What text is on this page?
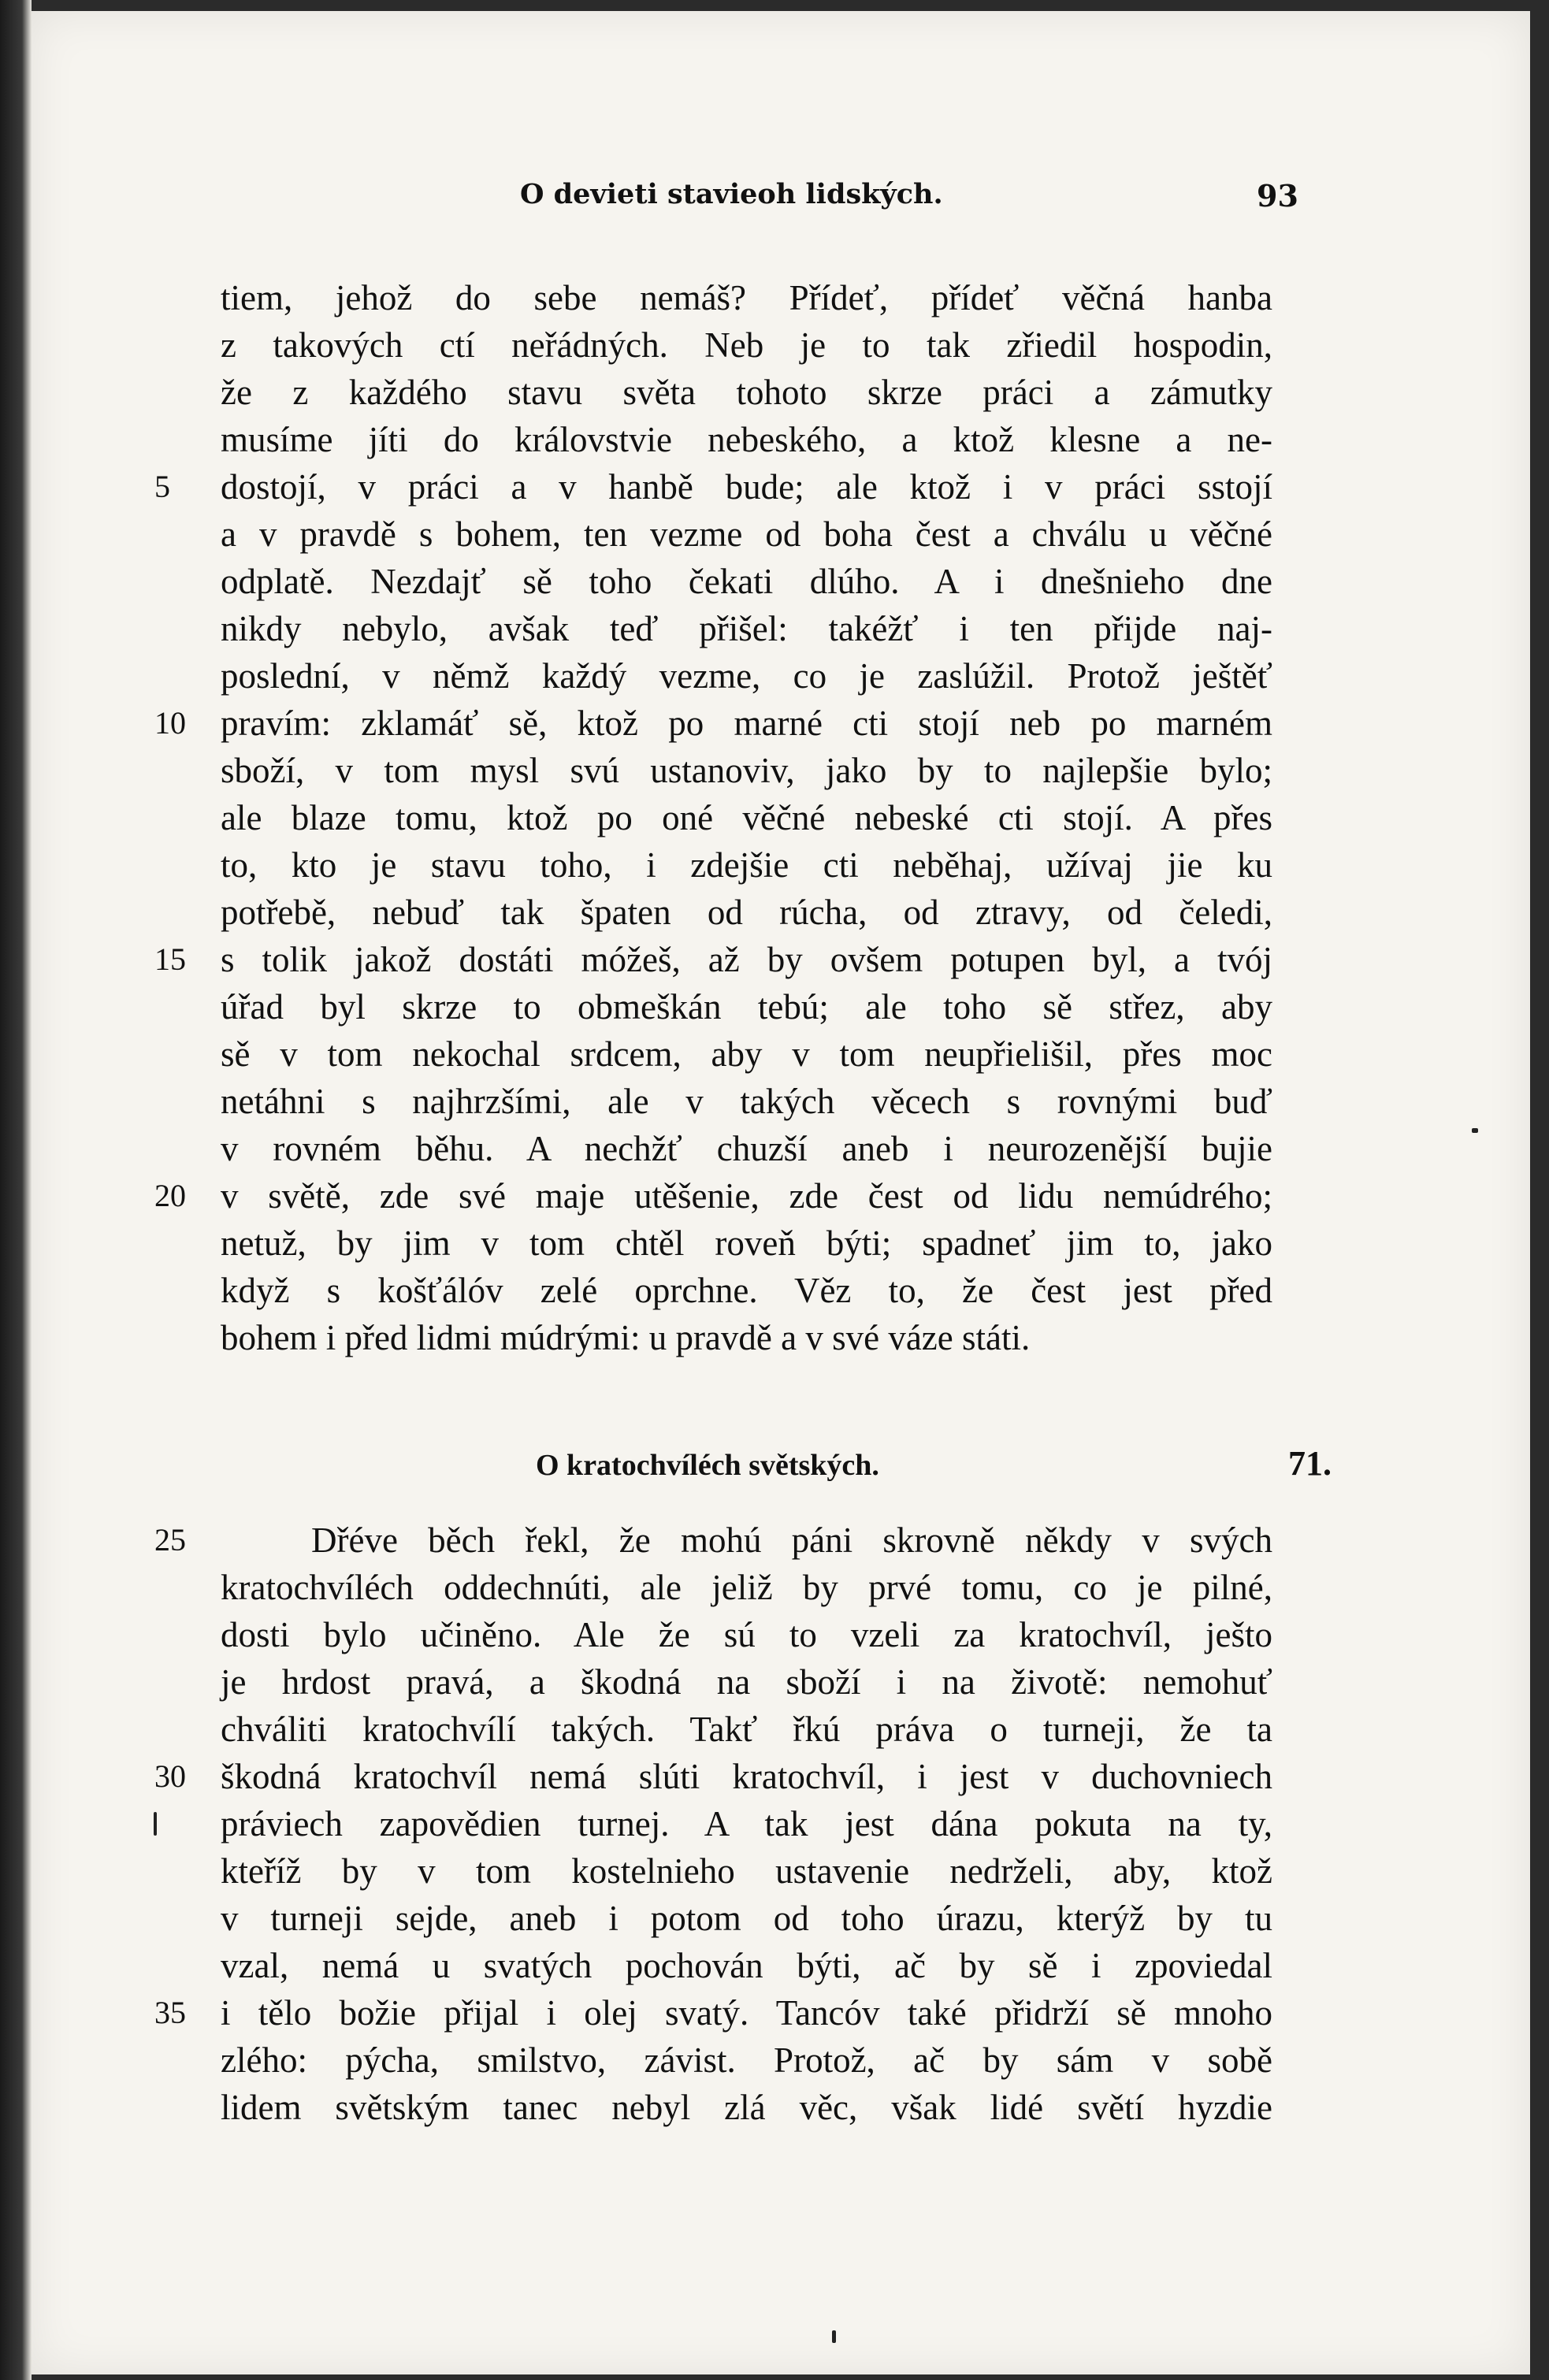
O devieti stavieoh lidských.	93
tiem, jehož do sebe nemáš? Přídeť, přídeť věčná hanba
z takových ctí neřádných. Neb je to tak zřiedil hospodin,
že z každého stavu světa tohoto skrze práci a zámutky
musíme jíti do královstvie nebeského, a ktož klesne a ne-
dostojí, v práci a v hanbě bude; ale ktož i v práci sstojí
a v pravdě s bohem, ten vezme od boha čest a chválu u věčné
odplatě. Nezdajť sě toho čekati dlúho. A i dnešnieho dne
nikdy nebylo, avšak teď přišel: takéžť i ten přijde naj-
poslední, v němž každý vezme, co je zaslúžil. Protož ještěť
pravím: zklamáť sě, ktož po marné cti stojí neb po marném
sboží, v tom mysl svú ustanoviv, jako by to najlepšie bylo;
ale blaze tomu, ktož po oné věčné nebeské cti stojí. A přes
to, kto je stavu toho, i zdejšie cti neběhaj, užívaj jie ku
potřebě, nebuď tak špaten od rúcha, od ztravy, od čeledi,
s tolik jakož dostáti móžeš, až by ovšem potupen byl, a tvój
úřad byl skrze to obmeškán tebú; ale toho sě střez, aby
sě v tom nekochal srdcem, aby v tom neupřielišil, přes moc
netáhni s najhrzšími, ale v takých věcech s rovnými buď
v rovném běhu. A nechžť chuzší aneb i neurozenější bujie
v světě, zde své maje utěšenie, zde čest od lidu nemúdrého;
netuž, by jim v tom chtěl roveň býti; spadneť jim to, jako
když s košťálóv zelé oprchne. Věz to, že čest jest před
bohem i před lidmi múdrými: u pravdě a v své váze státi.
O kratochvíléch světských.	71.
Dřéve běch řekl, že mohú páni skrovně někdy v svých
kratochvíléch oddechnúti, ale jeliž by prvé tomu, co je pilné,
dosti bylo učiněno. Ale že sú to vzeli za kratochvíl, ješto
je hrdost pravá, a škodná na sboží i na životě: nemohuť
chváliti kratochvílí takých. Takť řkú práva o turneji, že ta
škodná kratochvíl nemá slúti kratochvíl, i jest v duchovniech
práviech zapovědien turnej. A tak jest dána pokuta na ty,
kteříž by v tom kostelnieho ustavenie nedrželi, aby, ktož
v turneji sejde, aneb i potom od toho úrazu, kterýž by tu
vzal, nemá u svatých pochován býti, ač by sě i zpoviedal
i tělo božie přijal i olej svatý. Tancóv také přidrží sě mnoho
zlého: pýcha, smilstvo, závist. Protož, ač by sám v sobě
lidem světským tanec nebyl zlá věc, však lidé světí hyzdie
5
10
15
20
25
30
35
